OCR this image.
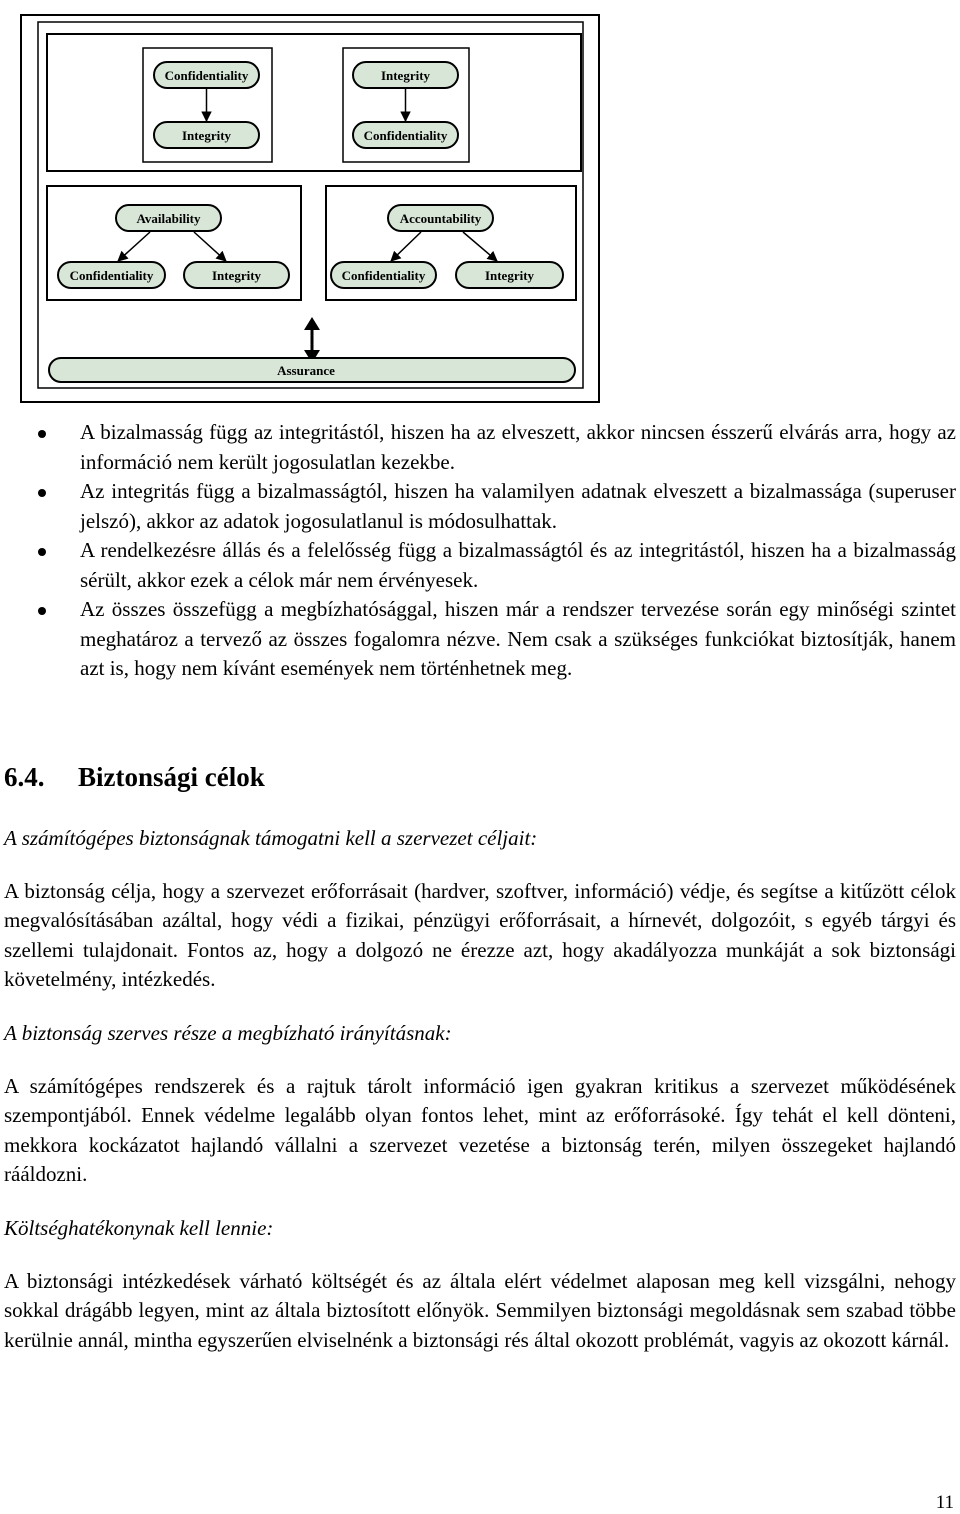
Confidentiality
Integrity
Integrity
Confidentiality
Availability
Confidentiality	Integrity
Accountability
Confidentiality	Integrity
Assurance
A bizalmasság függ az integritástól, hiszen ha az elveszett, akkor nincsen ésszerű elvárás arra, hogy az információ nem került jogosulatlan kezekbe.
Az integritás függ a bizalmasságtól, hiszen ha valamilyen adatnak elveszett a bizalmassága (superuser jelszó), akkor az adatok jogosulatlanul is módosulhattak.
A rendelkezésre állás és a felelősség függ a bizalmasságtól és az integritástól, hiszen ha a bizalmasság sérült, akkor ezek a célok már nem érvényesek.
Az összes összefügg a megbízhatósággal, hiszen már a rendszer tervezése során egy minőségi szintet meghatároz a tervező az összes fogalomra nézve. Nem csak a szükséges funkciókat biztosítják, hanem azt is, hogy nem kívánt események nem történhetnek meg.
6.4. Biztonsági célok

A számítógépes biztonságnak támogatni kell a szervezet céljait:

A biztonság célja, hogy a szervezet erőforrásait (hardver, szoftver, információ) védje, és segítse a kitűzött célok megvalósításában azáltal, hogy védi a fizikai, pénzügyi erőforrásait, a hírnevét, dolgozóit, s egyéb tárgyi és szellemi tulajdonait. Fontos az, hogy a dolgozó ne érezze azt, hogy akadályozza munkáját a sok biztonsági követelmény, intézkedés.

A biztonság szerves része a megbízható irányításnak:

A számítógépes rendszerek és a rajtuk tárolt információ igen gyakran kritikus a szervezet működésének szempontjából. Ennek védelme legalább olyan fontos lehet, mint az erőforrásoké. Így tehát el kell dönteni, mekkora kockázatot hajlandó vállalni a szervezet vezetése a biztonság terén, milyen összegeket hajlandó rááldozni.

Költséghatékonynak kell lennie:

A biztonsági intézkedések várható költségét és az általa elért védelmet alaposan meg kell vizsgálni, nehogy sokkal drágább legyen, mint az általa biztosított előnyök. Semmilyen biztonsági megoldásnak sem szabad többe kerülnie annál, mintha egyszerűen elviselnénk a biztonsági rés által okozott problémát, vagyis az okozott kárnál.

11
